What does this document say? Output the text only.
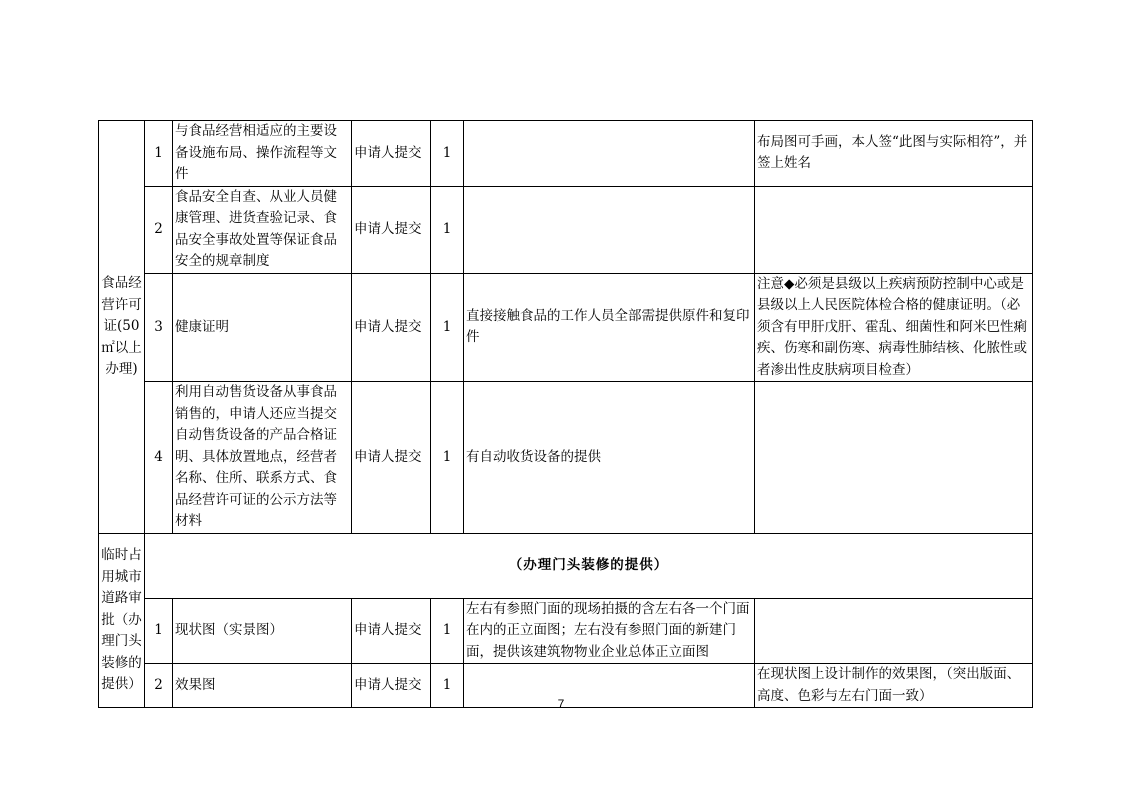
食品经营许可证(50㎡以上办理)	1	与食品经营相适应的主要设备设施布局、操作流程等文件	申请人提交	1		布局图可手画，本人签“此图与实际相符”，并签上姓名
	2	食品安全自查、从业人员健康管理、进货查验记录、食品安全事故处置等保证食品安全的规章制度	申请人提交	1		
	3	健康证明	申请人提交	1	直接接触食品的工作人员全部需提供原件和复印件	注意◆必须是县级以上疾病预防控制中心或是县级以上人民医院体检合格的健康证明。（必须含有甲肝戊肝、霍乱、细菌性和阿米巴性痢疾、伤寒和副伤寒、病毒性肺结核、化脓性或者渗出性皮肤病项目检查）
	4	利用自动售货设备从事食品销售的，申请人还应当提交自动售货设备的产品合格证明、具体放置地点，经营者名称、住所、联系方式、食品经营许可证的公示方法等材料	申请人提交	1	有自动收货设备的提供	
临时占用城市道路审批（办理门头装修的提供）	（办理门头装修的提供）					
	1	现状图（实景图）	申请人提交	1	左右有参照门面的现场拍摄的含左右各一个门面在内的正立面图；左右没有参照门面的新建门面，提供该建筑物物业企业总体正立面图	
	2	效果图	申请人提交	1		在现状图上设计制作的效果图，（突出版面、高度、色彩与左右门面一致）
7
